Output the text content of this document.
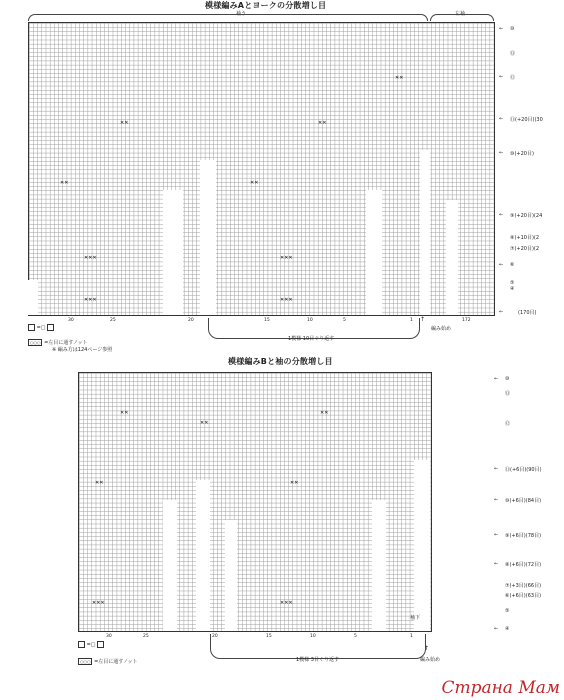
模様編みAとヨークの分散増し目
袖う	左袖
✕✕✕
✕✕✕
✕✕✕
✕✕✕
✕✕	✕✕
✕✕	✕✕
✕✕
⑩
⑬
⑫
⑪(+20目)(30
⑩(+20目)
⑨(+20目)(24
⑧(+10目)(2
⑦(+20目)(2
⑥
⑤
④
(170目)
←
←
←
←
←
←
←
30	25	20	15	10	5	1	172
1模様 10目ぐり返す
編み始め
↑
=□
○○○ =左目に通すノット
※ 編み方は124ページ参照
模様編みBと袖の分散増し目
✕✕✕	✕✕✕
✕✕	✕✕
✕✕
✕✕	✕✕
⑩
⑬
⑫
⑪(+6目)(90目)
⑩(+6目)(84目)
⑨(+6目)(78目)
⑧(+6目)(72目)
⑦(+3目)(66目)
⑥(+6目)(63目)
⑤
④
←
←
←
←
←
←
30	25	20	15	10	5	1
1模様 3目ぐり返す
袖下
編み始め
↑
=□
○○○ =左目に通すノット
Страна Мам
